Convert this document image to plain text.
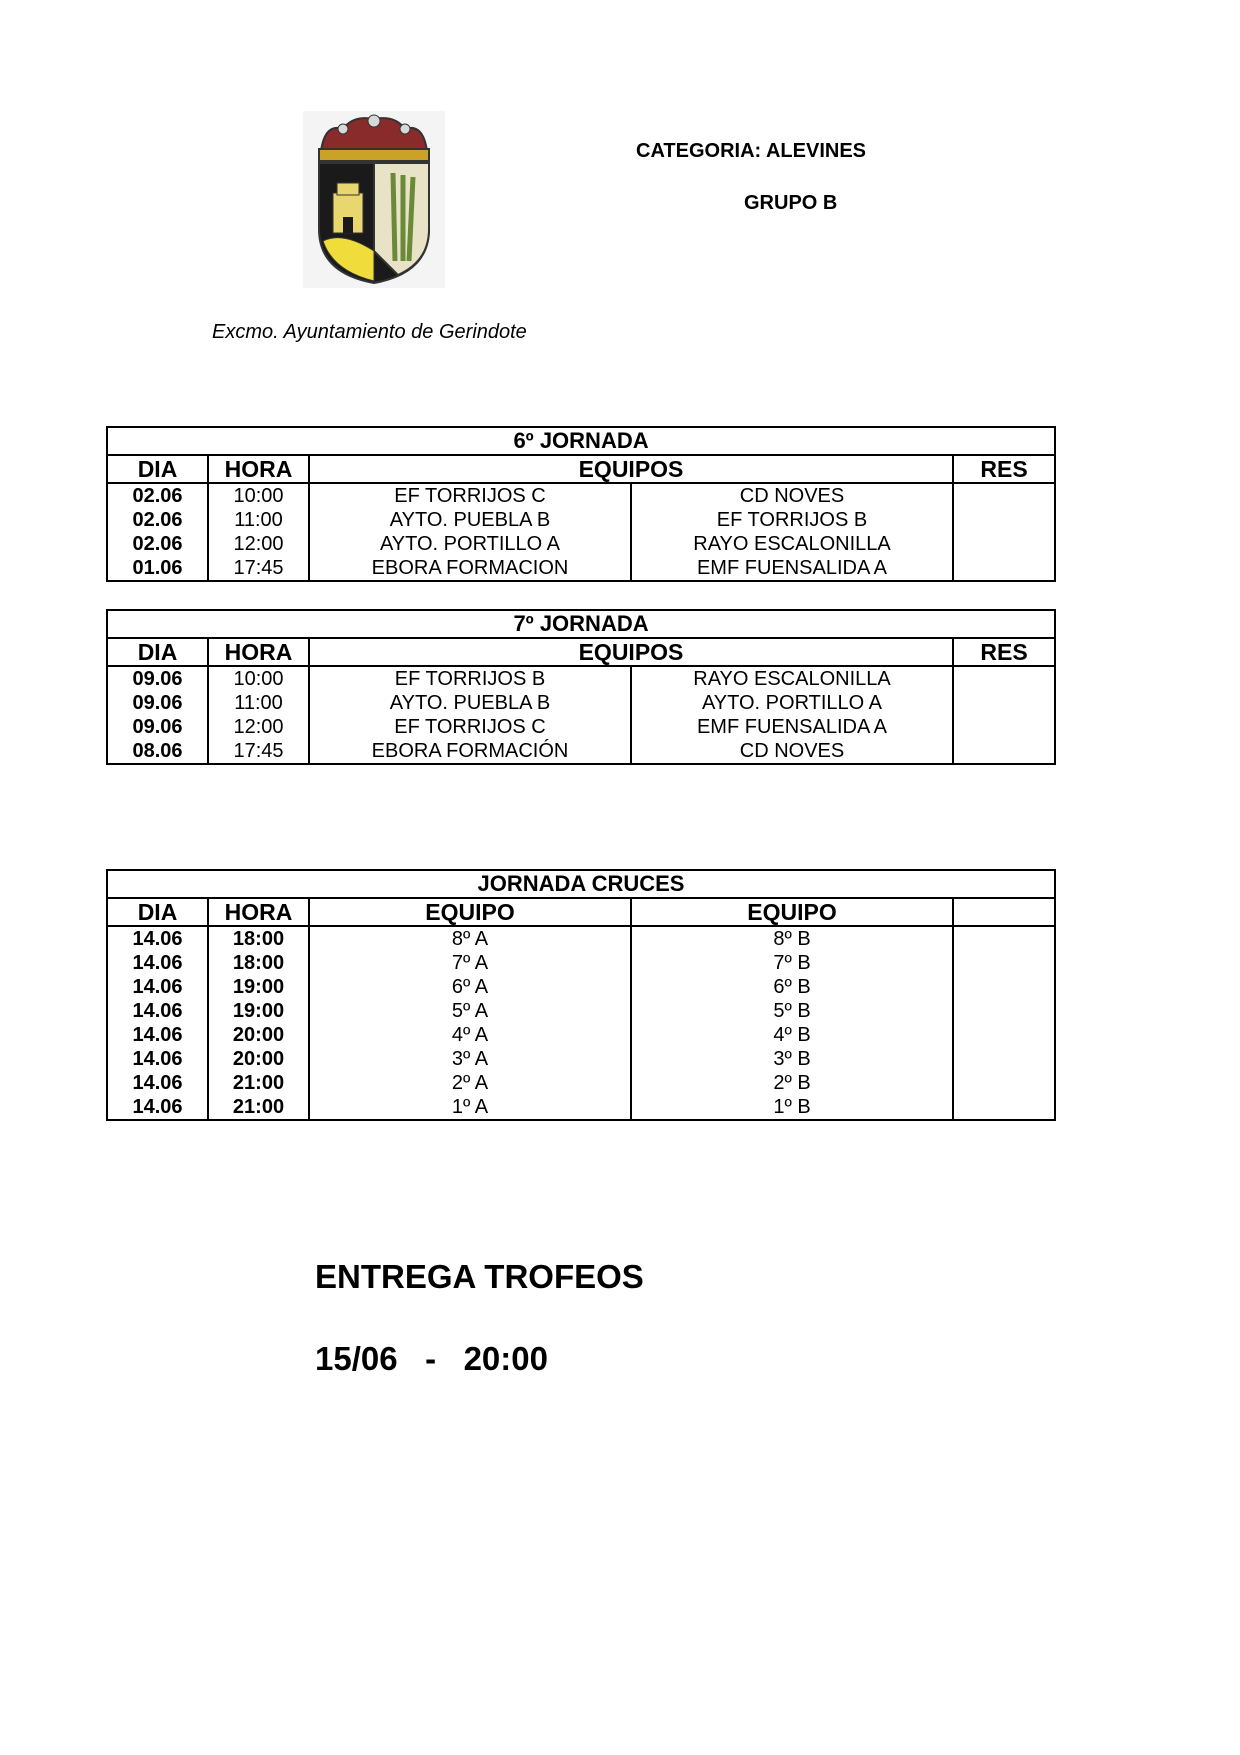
CATEGORIA: ALEVINES
GRUPO B
Excmo. Ayuntamiento de Gerindote
6º JORNADA				
DIA	HORA	EQUIPOS		RES
02.06	10:00	EF TORRIJOS C	CD NOVES	
02.06	11:00	AYTO. PUEBLA B	EF TORRIJOS B	
02.06	12:00	AYTO. PORTILLO A	RAYO ESCALONILLA	
01.06	17:45	EBORA FORMACION	EMF FUENSALIDA A	
7º JORNADA				
DIA	HORA	EQUIPOS		RES
09.06	10:00	EF TORRIJOS B	RAYO ESCALONILLA	
09.06	11:00	AYTO. PUEBLA B	AYTO. PORTILLO A	
09.06	12:00	EF TORRIJOS C	EMF FUENSALIDA A	
08.06	17:45	EBORA FORMACIÓN	CD NOVES	
JORNADA CRUCES				
DIA	HORA	EQUIPO	EQUIPO	
14.06	18:00	8º A	8º B	
14.06	18:00	7º A	7º B	
14.06	19:00	6º A	6º B	
14.06	19:00	5º A	5º B	
14.06	20:00	4º A	4º B	
14.06	20:00	3º A	3º B	
14.06	21:00	2º A	2º B	
14.06	21:00	1º A	1º B	
ENTREGA TROFEOS
15/06   -   20:00
